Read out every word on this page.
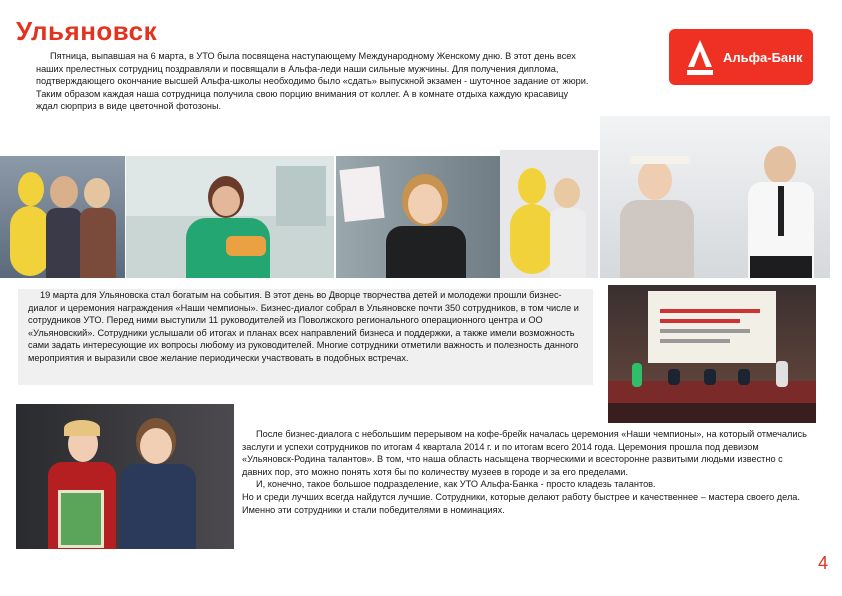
Ульяновск
Альфа-Банк

Пятница, выпавшая на 6 марта, в УТО была посвящена наступающему Международному Женскому дню. В этот день всех наших прелестных сотрудниц поздравляли и посвящали в Альфа-леди наши сильные мужчины. Для получения диплома, подтверждающего окончание высшей Альфа-школы необходимо было «сдать» выпускной экзамен - шуточное задание от жюри. Таким образом каждая наша сотрудница получила свою порцию внимания от коллег. А в комнате отдыха каждую красавицу ждал сюрприз в виде цветочной фотозоны.

19 марта для Ульяновска стал богатым на события. В этот день во Дворце творчества детей и молодежи прошли бизнес-диалог и церемония награждения «Наши чемпионы». Бизнес-диалог собрал в Ульяновске почти 350 сотрудников, в том числе и сотрудников УТО. Перед ними выступили 11 руководителей из Поволжского регионального операционного центра и ОО «Ульяновский». Сотрудники услышали об итогах и планах всех направлений бизнеса и поддержки, а также имели возможность сами задать интересующие их вопросы любому из руководителей. Многие сотрудники отметили важность и полезность данного мероприятия и выразили свое желание периодически участвовать в подобных встречах.

После бизнес-диалога с небольшим перерывом на кофе-брейк началась церемония «Наши чемпионы», на который отмечались заслуги и успехи сотрудников по итогам 4 квартала 2014 г. и по итогам всего 2014 года. Церемония прошла под девизом «Ульяновск-Родина талантов». В том, что наша область насыщена творческими и всесторонне развитыми людьми известно с давних пор, это можно понять хотя бы по количеству музеев в городе и за его пределами.

И, конечно, такое большое подразделение, как УТО Альфа-Банка - просто кладезь талантов.

Но и среди лучших всегда найдутся лучшие. Сотрудники, которые делают работу быстрее и качественнее – мастера своего дела. Именно эти сотрудники и стали победителями в номинациях.

4
